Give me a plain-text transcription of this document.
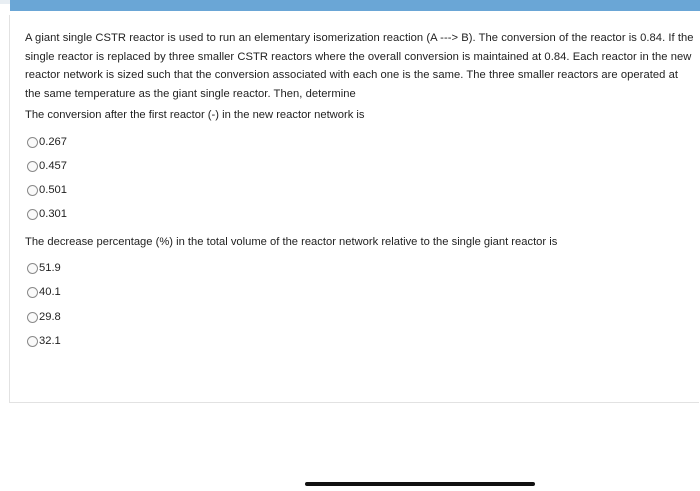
A giant single CSTR reactor is used to run an elementary isomerization reaction (A ---> B). The conversion of the reactor is 0.84. If the single reactor is replaced by three smaller CSTR reactors where the overall conversion is maintained at 0.84. Each reactor in the new reactor network is sized such that the conversion associated with each one is the same. The three smaller reactors are operated at the same temperature as the giant single reactor. Then, determine
The conversion after the first reactor (-) in the new reactor network is
0.267
0.457
0.501
0.301
The decrease percentage (%) in the total volume of the reactor network relative to the single giant reactor is
51.9
40.1
29.8
32.1
